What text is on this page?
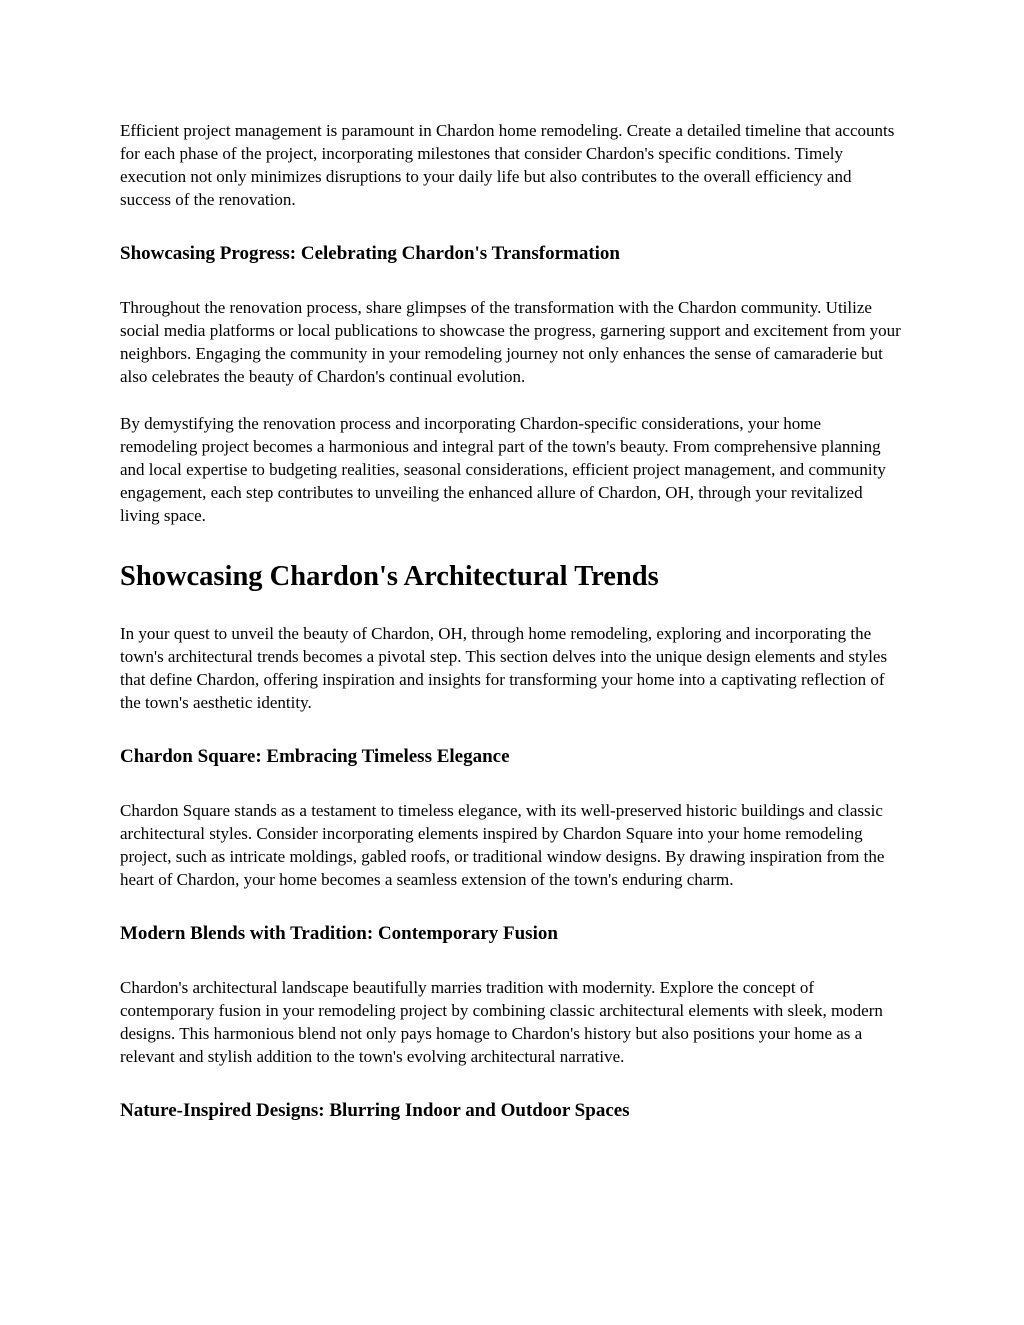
Efficient project management is paramount in Chardon home remodeling. Create a detailed timeline that accounts for each phase of the project, incorporating milestones that consider Chardon's specific conditions. Timely execution not only minimizes disruptions to your daily life but also contributes to the overall efficiency and success of the renovation.

Showcasing Progress: Celebrating Chardon's Transformation

Throughout the renovation process, share glimpses of the transformation with the Chardon community. Utilize social media platforms or local publications to showcase the progress, garnering support and excitement from your neighbors. Engaging the community in your remodeling journey not only enhances the sense of camaraderie but also celebrates the beauty of Chardon's continual evolution.

By demystifying the renovation process and incorporating Chardon-specific considerations, your home remodeling project becomes a harmonious and integral part of the town's beauty. From comprehensive planning and local expertise to budgeting realities, seasonal considerations, efficient project management, and community engagement, each step contributes to unveiling the enhanced allure of Chardon, OH, through your revitalized living space.

Showcasing Chardon's Architectural Trends

In your quest to unveil the beauty of Chardon, OH, through home remodeling, exploring and incorporating the town's architectural trends becomes a pivotal step. This section delves into the unique design elements and styles that define Chardon, offering inspiration and insights for transforming your home into a captivating reflection of the town's aesthetic identity.

Chardon Square: Embracing Timeless Elegance

Chardon Square stands as a testament to timeless elegance, with its well-preserved historic buildings and classic architectural styles. Consider incorporating elements inspired by Chardon Square into your home remodeling project, such as intricate moldings, gabled roofs, or traditional window designs. By drawing inspiration from the heart of Chardon, your home becomes a seamless extension of the town's enduring charm.

Modern Blends with Tradition: Contemporary Fusion

Chardon's architectural landscape beautifully marries tradition with modernity. Explore the concept of contemporary fusion in your remodeling project by combining classic architectural elements with sleek, modern designs. This harmonious blend not only pays homage to Chardon's history but also positions your home as a relevant and stylish addition to the town's evolving architectural narrative.

Nature-Inspired Designs: Blurring Indoor and Outdoor Spaces
